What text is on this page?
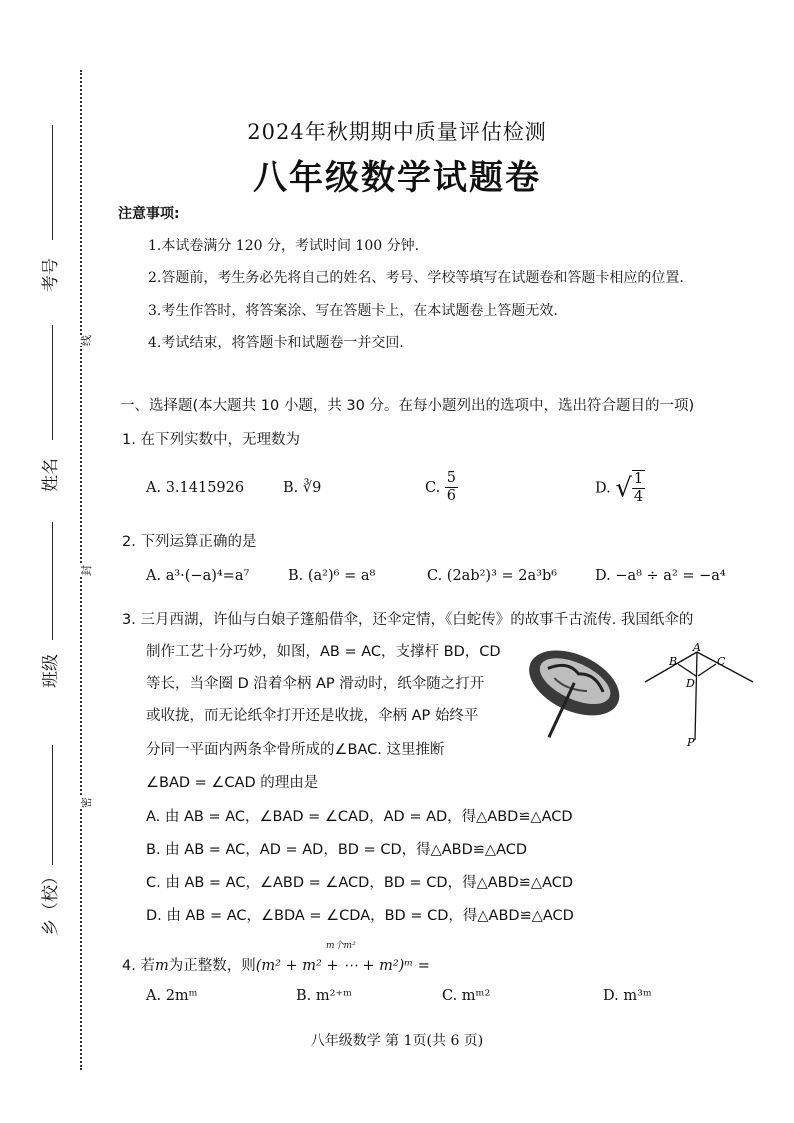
考号
姓名
班级
乡（校）
线
封
密
2024年秋期期中质量评估检测
八年级数学试题卷
注意事项:
1.本试卷满分 120 分，考试时间 100 分钟.
2.答题前，考生务必先将自己的姓名、考号、学校等填写在试题卷和答题卡相应的位置.
3.考生作答时，将答案涂、写在答题卡上，在本试题卷上答题无效.
4.考试结束，将答题卡和试题卷一并交回.
一、选择题(本大题共 10 小题，共 30 分。在每小题列出的选项中，选出符合题目的一项)
1. 在下列实数中，无理数为
A. 3.1415926	B. ∛9	C. $\frac{5}{6}$	D. √ $\frac{1}{4}$
2. 下列运算正确的是
A. a³·(−a)⁴=a⁷	B. (a²)⁶ = a⁸	C. (2ab²)³ = 2a³b⁶	D. −a⁸ ÷ a² = −a⁴
3. 三月西湖，许仙与白娘子篷船借伞，还伞定情，《白蛇传》的故事千古流传. 我国纸伞的
制作工艺十分巧妙，如图，AB = AC，支撑杆 BD，CD
等长，当伞圈 D 沿着伞柄 AP 滑动时，纸伞随之打开
或收拢，而无论纸伞打开还是收拢，伞柄 AP 始终平
分同一平面内两条伞骨所成的∠BAC. 这里推断
∠BAD = ∠CAD 的理由是
A
B	C
D
P
A. 由 AB = AC，∠BAD = ∠CAD，AD = AD，得△ABD≌△ACD
B. 由 AB = AC，AD = AD，BD = CD，得△ABD≌△ACD
C. 由 AB = AC，∠ABD = ∠ACD，BD = CD，得△ABD≌△ACD
D. 由 AB = AC，∠BDA = ∠CDA，BD = CD，得△ABD≌△ACD
m个m²
4. 若m为正整数，则(m² + m² + ⋯ + m²)ᵐ =
A. 2mᵐ	B. m²⁺ᵐ	C. mᵐ²	D. m³ᵐ
八年级数学 第 1页(共 6 页)
